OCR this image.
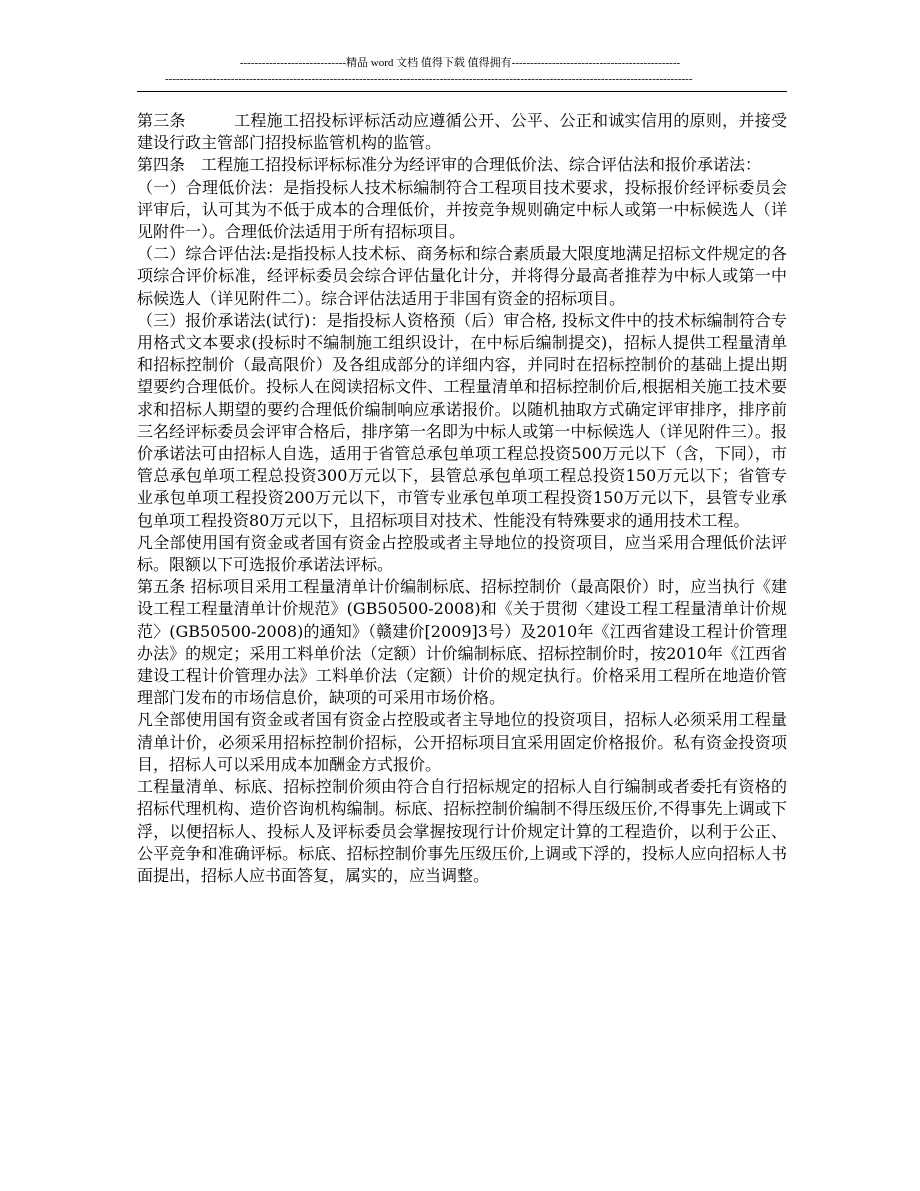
-----------------------------精品 word 文档 值得下载 值得拥有----------------------------------------------
------------------------------------------------------------------------------------------------------------------------------------------------

第三条	工程施工招投标评标活动应遵循公开、公平、公正和诚实信用的原则，并接受建设行政主管部门招投标监管机构的监管。

第四条　工程施工招投标评标标准分为经评审的合理低价法、综合评估法和报价承诺法：

（一）合理低价法：是指投标人技术标编制符合工程项目技术要求，投标报价经评标委员会评审后，认可其为不低于成本的合理低价，并按竞争规则确定中标人或第一中标候选人（详见附件一）。合理低价法适用于所有招标项目。

（二）综合评估法:是指投标人技术标、商务标和综合素质最大限度地满足招标文件规定的各项综合评价标准，经评标委员会综合评估量化计分，并将得分最高者推荐为中标人或第一中标候选人（详见附件二）。综合评估法适用于非国有资金的招标项目。

（三）报价承诺法(试行)：是指投标人资格预（后）审合格, 投标文件中的技术标编制符合专用格式文本要求(投标时不编制施工组织设计，在中标后编制提交)，招标人提供工程量清单和招标控制价（最高限价）及各组成部分的详细内容，并同时在招标控制价的基础上提出期望要约合理低价。投标人在阅读招标文件、工程量清单和招标控制价后,根据相关施工技术要求和招标人期望的要约合理低价编制响应承诺报价。以随机抽取方式确定评审排序，排序前三名经评标委员会评审合格后，排序第一名即为中标人或第一中标候选人（详见附件三）。报价承诺法可由招标人自选，适用于省管总承包单项工程总投资500万元以下（含，下同），市管总承包单项工程总投资300万元以下，县管总承包单项工程总投资150万元以下；省管专业承包单项工程投资200万元以下，市管专业承包单项工程投资150万元以下，县管专业承包单项工程投资80万元以下，且招标项目对技术、性能没有特殊要求的通用技术工程。

凡全部使用国有资金或者国有资金占控股或者主导地位的投资项目，应当采用合理低价法评标。限额以下可选报价承诺法评标。

第五条 招标项目采用工程量清单计价编制标底、招标控制价（最高限价）时，应当执行《建设工程工程量清单计价规范》(GB50500-2008)和《关于贯彻〈建设工程工程量清单计价规范〉(GB50500-2008)的通知》（赣建价[2009]3号）及2010年《江西省建设工程计价管理办法》的规定；采用工料单价法（定额）计价编制标底、招标控制价时，按2010年《江西省建设工程计价管理办法》工料单价法（定额）计价的规定执行。价格采用工程所在地造价管理部门发布的市场信息价，缺项的可采用市场价格。

凡全部使用国有资金或者国有资金占控股或者主导地位的投资项目，招标人必须采用工程量清单计价，必须采用招标控制价招标，公开招标项目宜采用固定价格报价。私有资金投资项目，招标人可以采用成本加酬金方式报价。

工程量清单、标底、招标控制价须由符合自行招标规定的招标人自行编制或者委托有资格的招标代理机构、造价咨询机构编制。标底、招标控制价编制不得压级压价,不得事先上调或下浮，以便招标人、投标人及评标委员会掌握按现行计价规定计算的工程造价，以利于公正、公平竞争和准确评标。标底、招标控制价事先压级压价,上调或下浮的，投标人应向招标人书面提出，招标人应书面答复，属实的，应当调整。
